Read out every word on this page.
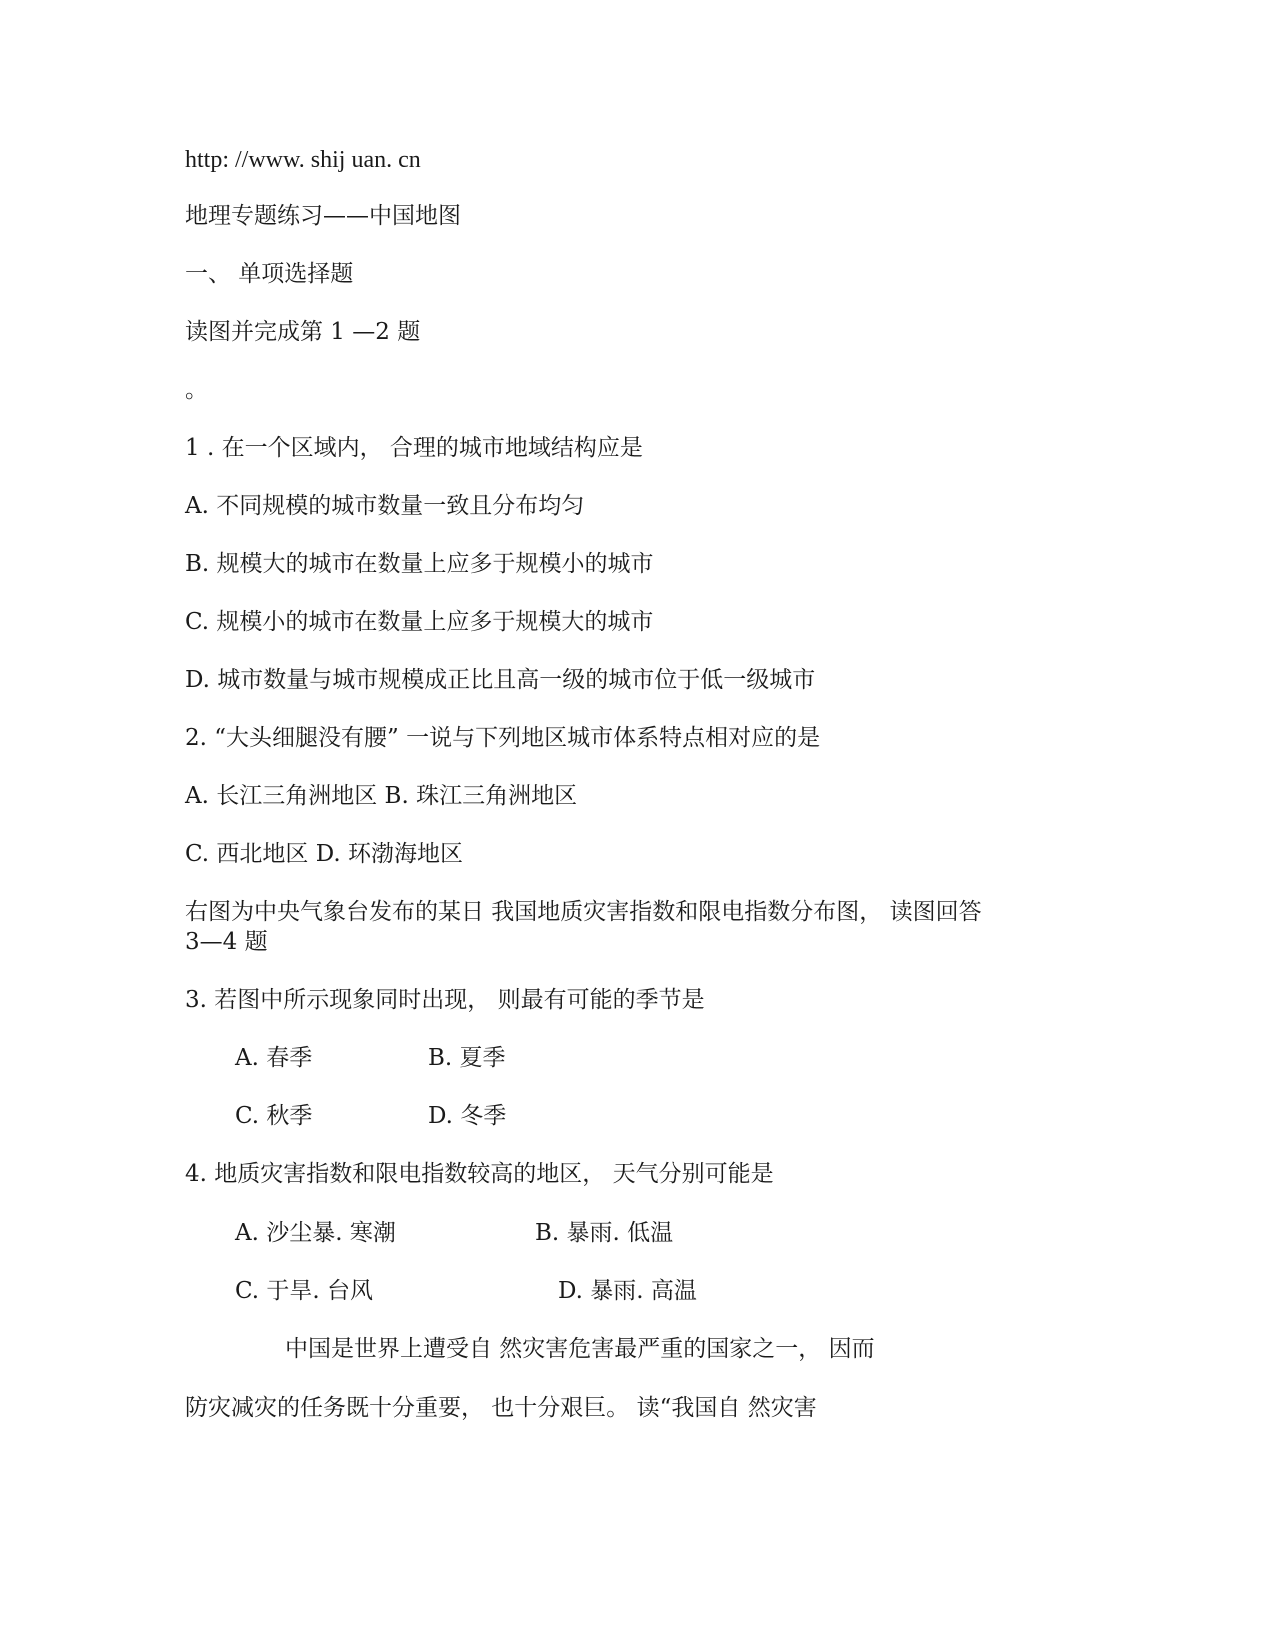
http: //www. shij uan. cn
地理专题练习——中国地图
一、 单项选择题
读图并完成第 1 —2 题
。
1 . 在一个区域内， 合理的城市地域结构应是
A. 不同规模的城市数量一致且分布均匀
B. 规模大的城市在数量上应多于规模小的城市
C. 规模小的城市在数量上应多于规模大的城市
D. 城市数量与城市规模成正比且高一级的城市位于低一级城市
2. “大头细腿没有腰” 一说与下列地区城市体系特点相对应的是
A. 长江三角洲地区 B. 珠江三角洲地区
C. 西北地区 D. 环渤海地区
右图为中央气象台发布的某日 我国地质灾害指数和限电指数分布图， 读图回答
3—4 题
3. 若图中所示现象同时出现， 则最有可能的季节是
A. 春季	B. 夏季
C. 秋季	D. 冬季
4. 地质灾害指数和限电指数较高的地区， 天气分别可能是
A. 沙尘暴. 寒潮	B. 暴雨. 低温
C. 于旱. 台风	D. 暴雨. 高温
中国是世界上遭受自 然灾害危害最严重的国家之一， 因而
防灾减灾的任务既十分重要， 也十分艰巨。 读“我国自 然灾害
